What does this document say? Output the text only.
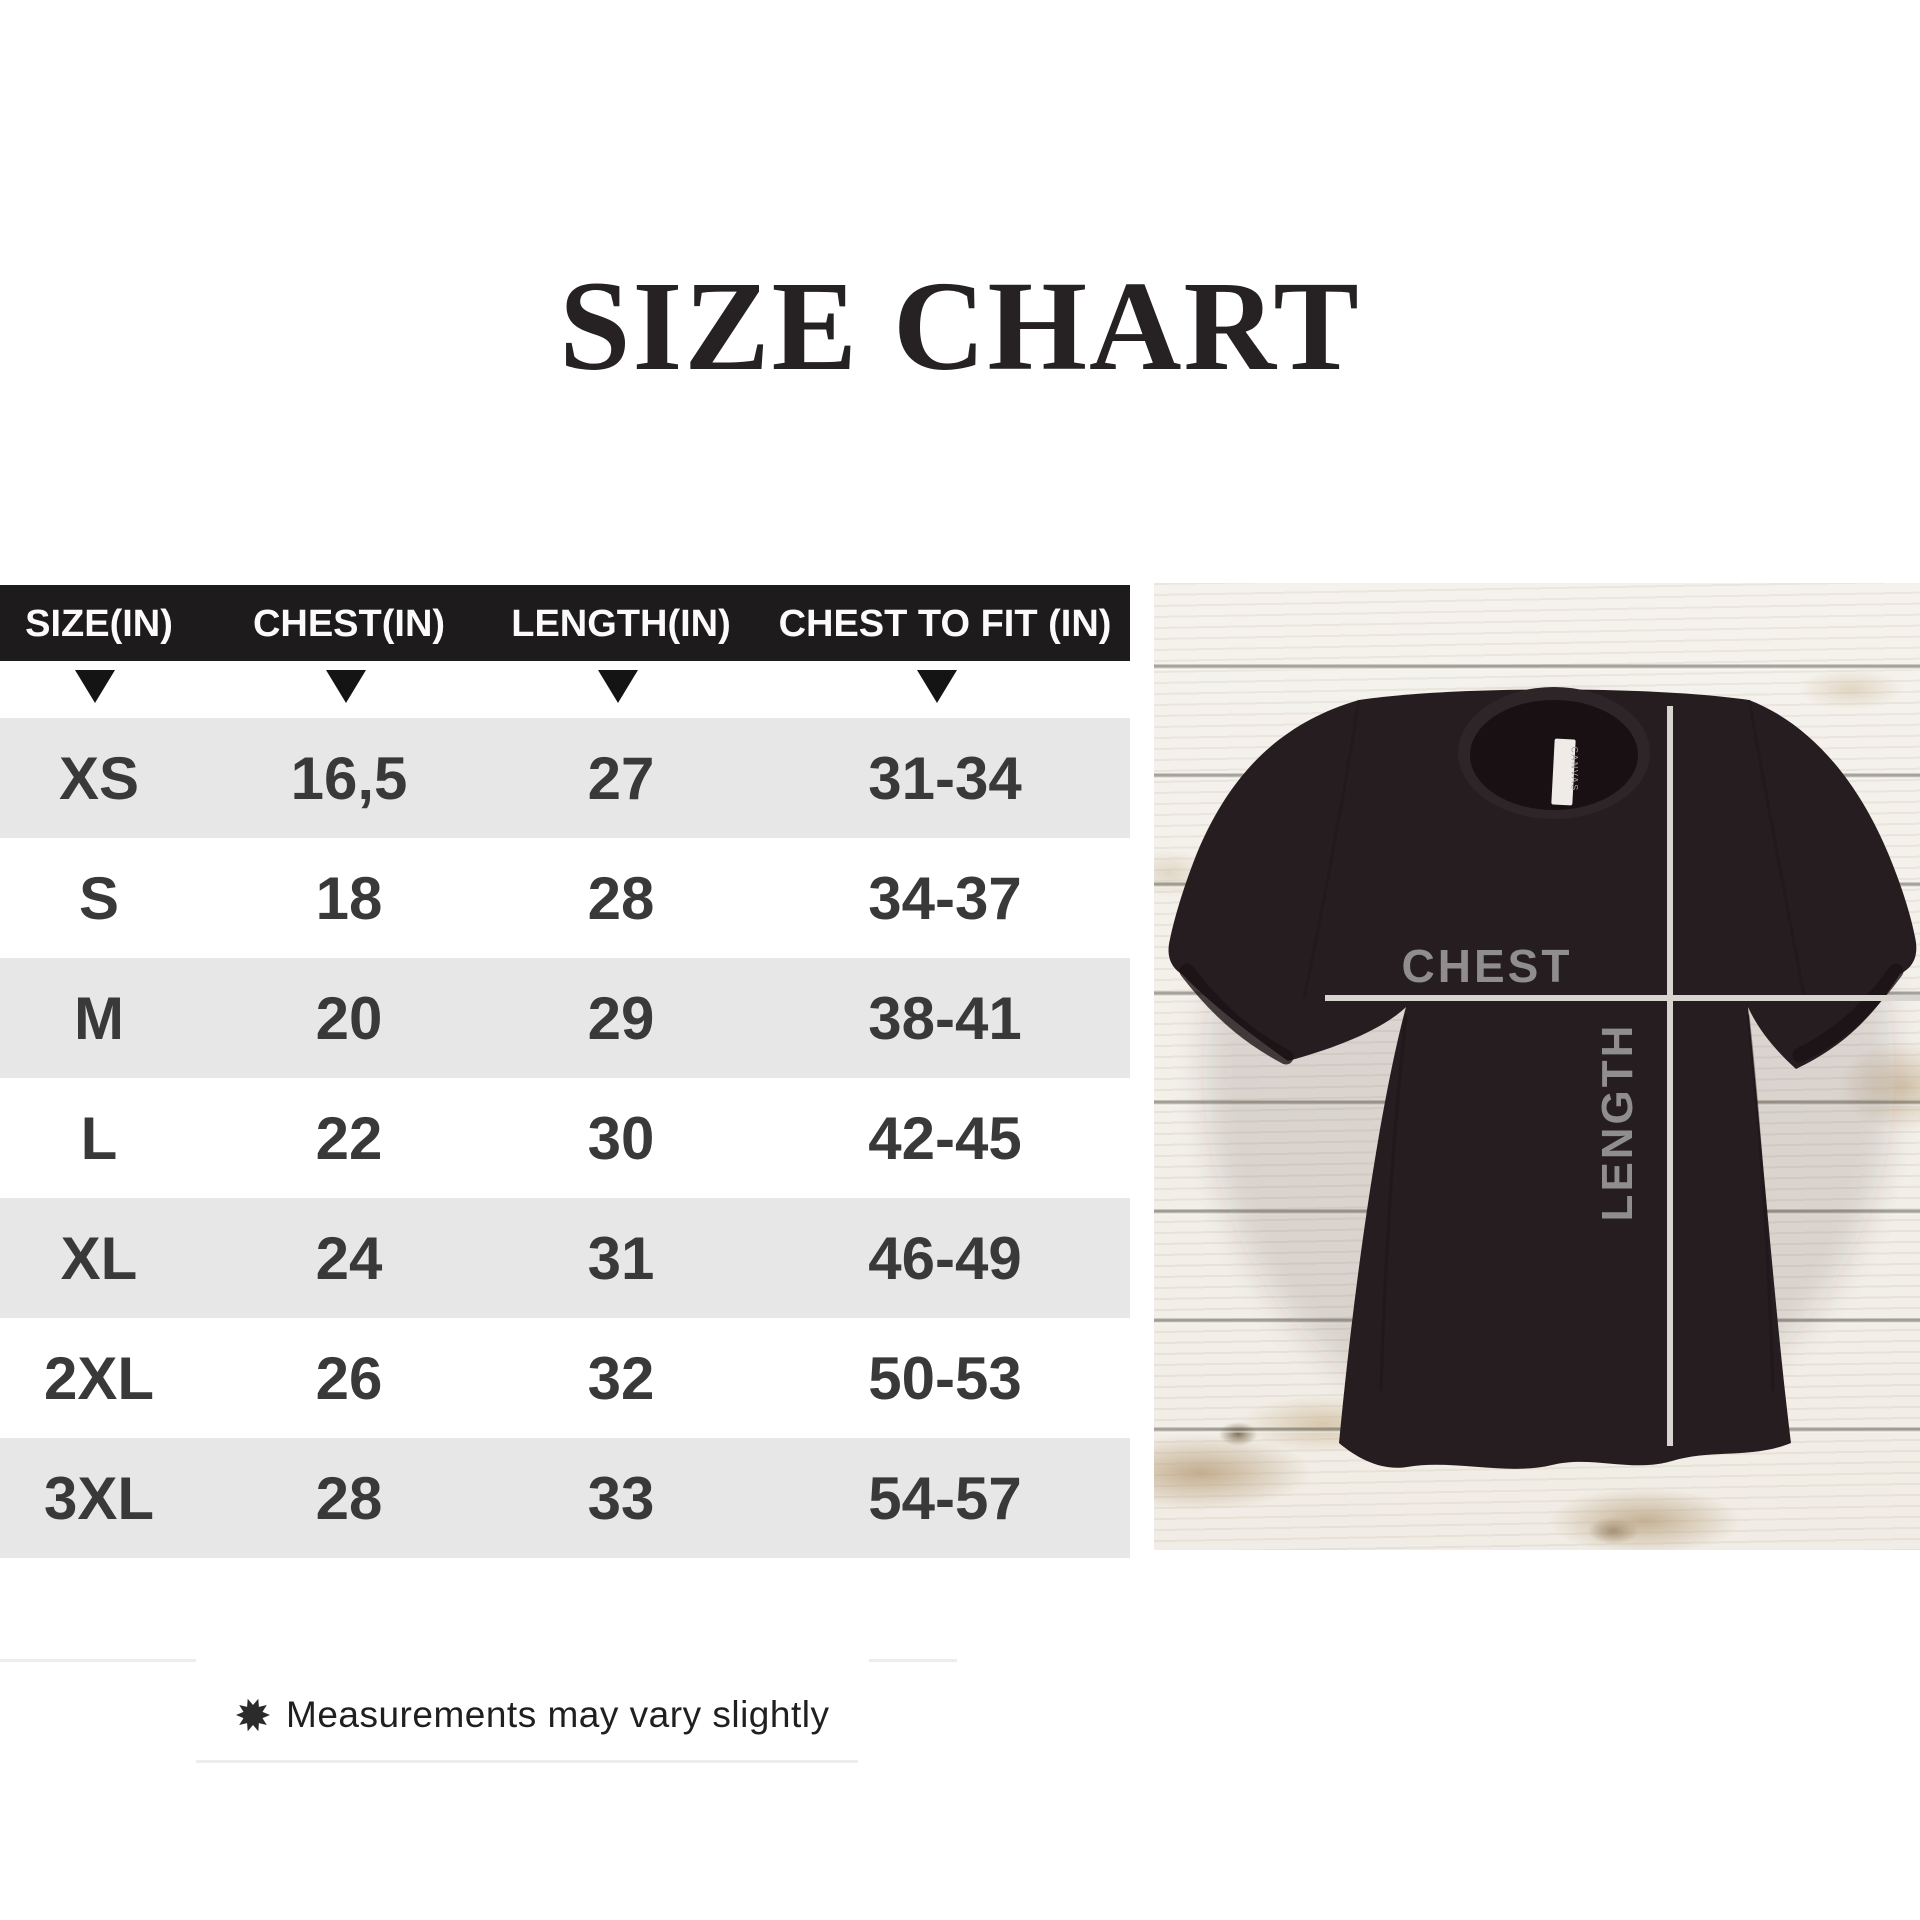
SIZE CHART
SIZE(IN) CHEST(IN) LENGTH(IN) CHEST TO FIT (IN)
XS	16,5	27	31-34
S	18	28	34-37
M	20	29	38-41
L	22	30	42-45
XL	24	31	46-49
2XL	26	32	50-53
3XL	28	33	54-57
Measurements may vary slightly
CANVAS
CHEST
LENGTH
